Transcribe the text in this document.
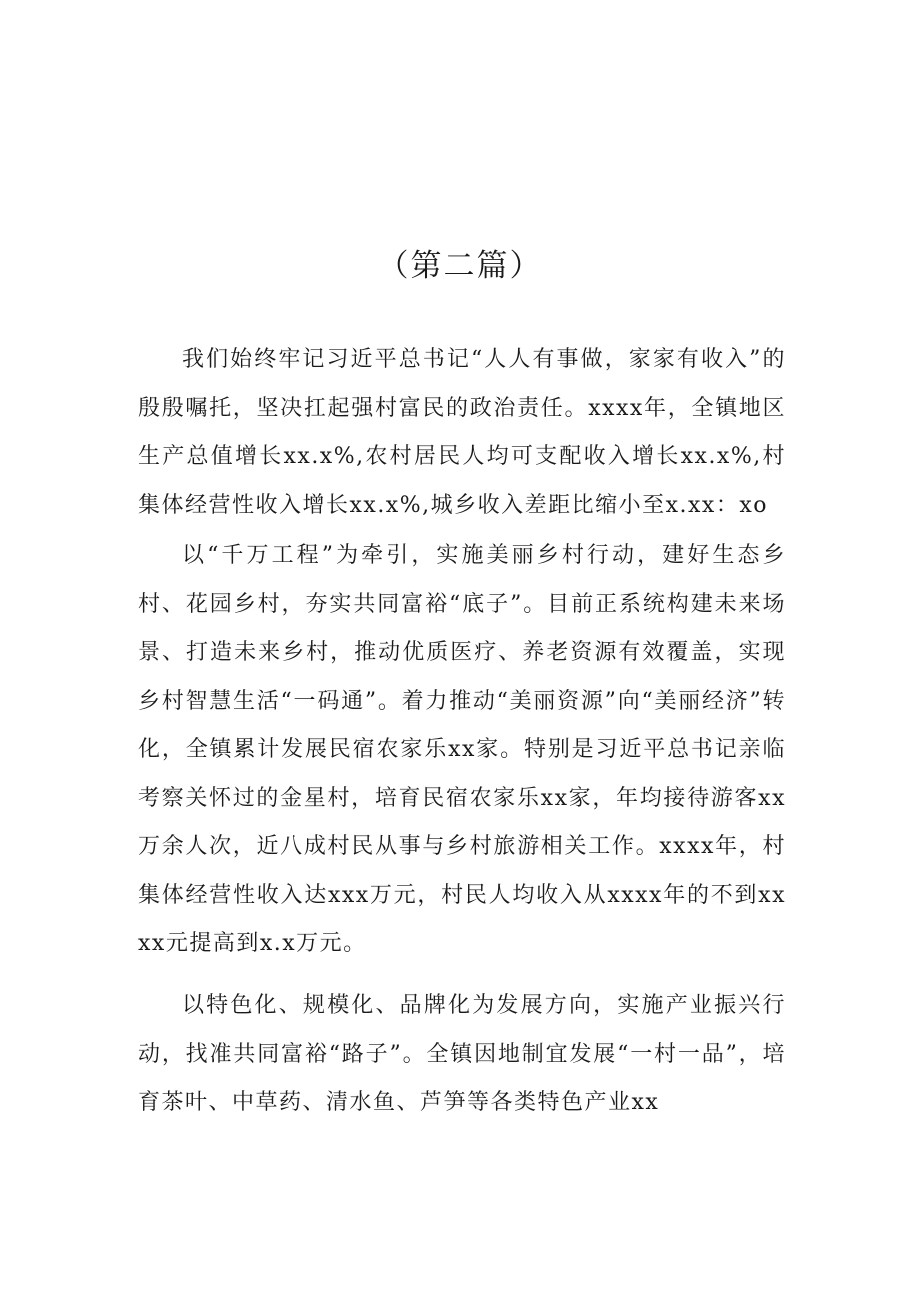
（第二篇）

我们始终牢记习近平总书记“人人有事做，家家有收入”的殷殷嘱托，坚决扛起强村富民的政治责任。xxxx年，全镇地区生产总值增长xx.x%,农村居民人均可支配收入增长xx.x%,村集体经营性收入增长xx.x%,城乡收入差距比缩小至x.xx：xo

以“千万工程”为牵引，实施美丽乡村行动，建好生态乡村、花园乡村，夯实共同富裕“底子”。目前正系统构建未来场景、打造未来乡村，推动优质医疗、养老资源有效覆盖，实现乡村智慧生活“一码通”。着力推动“美丽资源”向“美丽经济”转化，全镇累计发展民宿农家乐xx家。特别是习近平总书记亲临考察关怀过的金星村，培育民宿农家乐xx家，年均接待游客xx万余人次，近八成村民从事与乡村旅游相关工作。xxxx年，村集体经营性收入达xxx万元，村民人均收入从xxxx年的不到xxxx元提高到x.x万元。

以特色化、规模化、品牌化为发展方向，实施产业振兴行动，找准共同富裕“路子”。全镇因地制宜发展“一村一品”，培育茶叶、中草药、清水鱼、芦笋等各类特色产业xx
